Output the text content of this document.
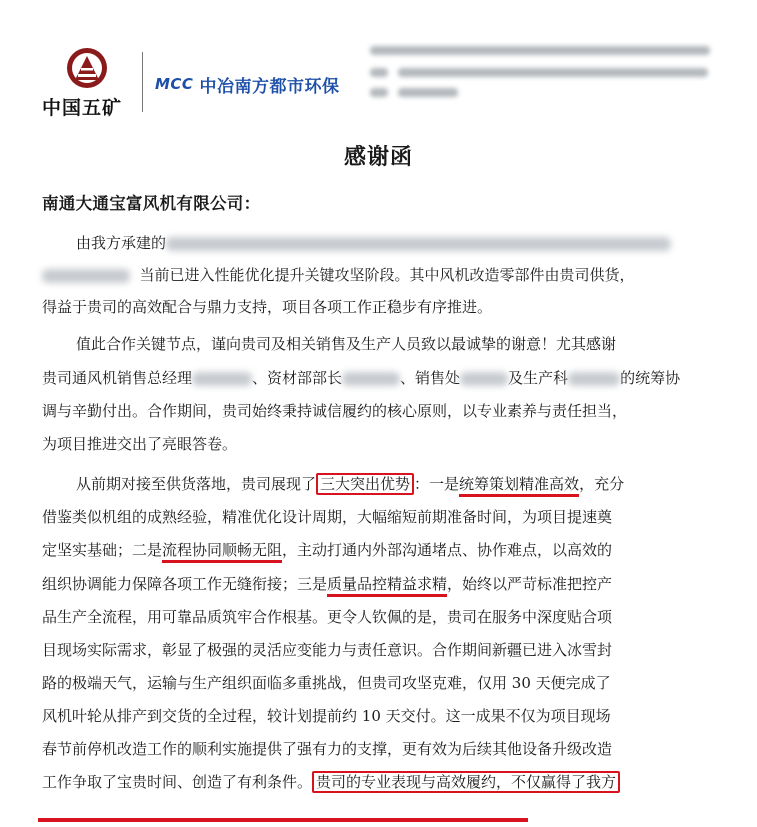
中国五矿
MCC 中冶南方都市环保
感谢函
南通大通宝富风机有限公司：
由我方承建的
当前已进入性能优化提升关键攻坚阶段。其中风机改造零部件由贵司供货，
得益于贵司的高效配合与鼎力支持，项目各项工作正稳步有序推进。
值此合作关键节点，谨向贵司及相关销售及生产人员致以最诚挚的谢意！尤其感谢
贵司通风机销售总经理	、资材部部长	、销售处	及生产科	的统筹协
调与辛勤付出。合作期间，贵司始终秉持诚信履约的核心原则，以专业素养与责任担当，
为项目推进交出了亮眼答卷。
从前期对接至供货落地，贵司展现了 三大突出优势 ：一是统筹策划精准高效，充分
借鉴类似机组的成熟经验，精准优化设计周期，大幅缩短前期准备时间，为项目提速奠
定坚实基础；二是流程协同顺畅无阻，主动打通内外部沟通堵点、协作难点，以高效的
组织协调能力保障各项工作无缝衔接；三是质量品控精益求精，始终以严苛标准把控产
品生产全流程，用可靠品质筑牢合作根基。更令人钦佩的是，贵司在服务中深度贴合项
目现场实际需求，彰显了极强的灵活应变能力与责任意识。合作期间新疆已进入冰雪封
路的极端天气，运输与生产组织面临多重挑战，但贵司攻坚克难，仅用 30 天便完成了
风机叶轮从排产到交货的全过程，较计划提前约 10 天交付。这一成果不仅为项目现场
春节前停机改造工作的顺利实施提供了强有力的支撑，更有效为后续其他设备升级改造
工作争取了宝贵时间、创造了有利条件。 贵司的专业表现与高效履约，不仅赢得了我方
